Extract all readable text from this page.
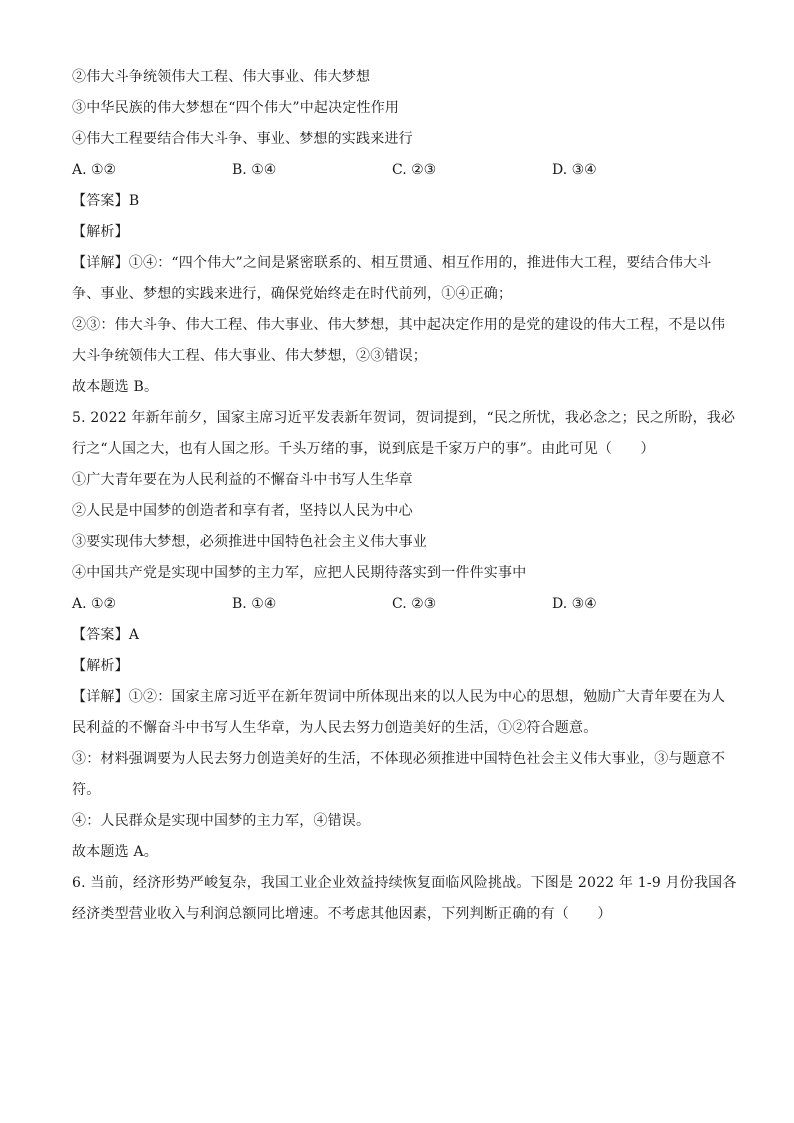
②伟大斗争统领伟大工程、伟大事业、伟大梦想
③中华民族的伟大梦想在“四个伟大”中起决定性作用
④伟大工程要结合伟大斗争、事业、梦想的实践来进行
A. ①②	B. ①④	C. ②③	D. ③④
【答案】B
【解析】
【详解】①④：“四个伟大”之间是紧密联系的、相互贯通、相互作用的，推进伟大工程，要结合伟大斗
争、事业、梦想的实践来进行，确保党始终走在时代前列，①④正确；
②③：伟大斗争、伟大工程、伟大事业、伟大梦想，其中起决定作用的是党的建设的伟大工程，不是以伟
大斗争统领伟大工程、伟大事业、伟大梦想，②③错误；
故本题选 B。
5. 2022 年新年前夕，国家主席习近平发表新年贺词，贺词提到，“民之所忧，我必念之；民之所盼，我必
行之“人国之大，也有人国之形。千头万绪的事，说到底是千家万户的事”。由此可见（　　）
①广大青年要在为人民利益的不懈奋斗中书写人生华章
②人民是中国梦的创造者和享有者，坚持以人民为中心
③要实现伟大梦想，必须推进中国特色社会主义伟大事业
④中国共产党是实现中国梦的主力军，应把人民期待落实到一件件实事中
A. ①②	B. ①④	C. ②③	D. ③④
【答案】A
【解析】
【详解】①②：国家主席习近平在新年贺词中所体现出来的以人民为中心的思想，勉励广大青年要在为人
民利益的不懈奋斗中书写人生华章，为人民去努力创造美好的生活，①②符合题意。
③：材料强调要为人民去努力创造美好的生活，不体现必须推进中国特色社会主义伟大事业，③与题意不
符。
④：人民群众是实现中国梦的主力军，④错误。
故本题选 A。
6. 当前，经济形势严峻复杂，我国工业企业效益持续恢复面临风险挑战。下图是 2022 年 1-9 月份我国各
经济类型营业收入与利润总额同比增速。不考虑其他因素，下列判断正确的有（　　）
